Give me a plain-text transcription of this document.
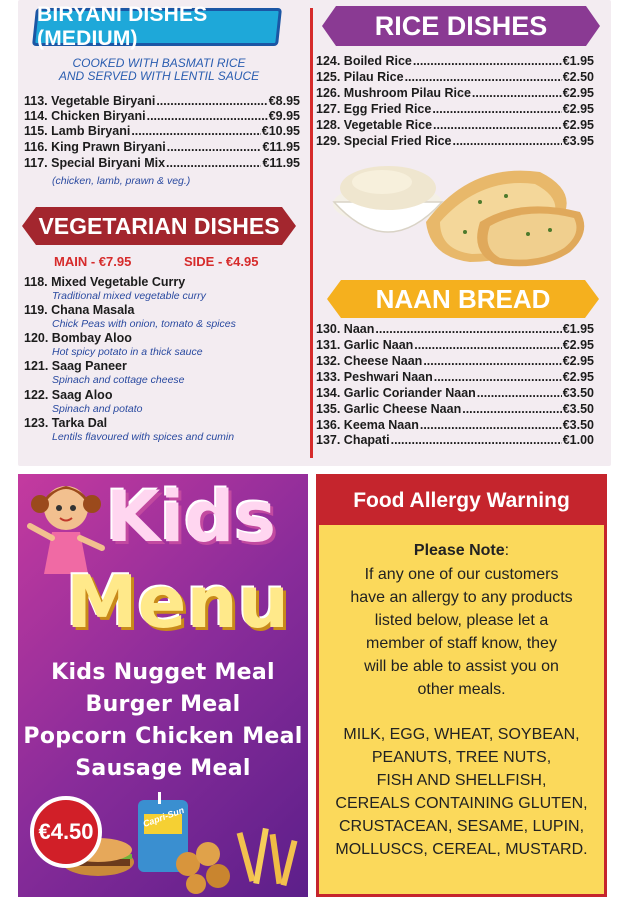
BIRYANI DISHES (MEDIUM)
COOKED WITH BASMATI RICE
AND SERVED WITH LENTIL SAUCE
113. Vegetable Biryani .....	€8.95
114. Chicken Biryani .....	€9.95
115. Lamb Biryani .....	€10.95
116. King Prawn Biryani .....	€11.95
117. Special Biryani Mix .....	€11.95
(chicken, lamb, prawn & veg.)
VEGETARIAN DISHES
MAIN - €7.95	SIDE - €4.95
118. Mixed Vegetable Curry
Traditional mixed vegetable curry
119. Chana Masala
Chick Peas with onion, tomato & spices
120. Bombay Aloo
Hot spicy potato in a thick sauce
121. Saag Paneer
Spinach and cottage cheese
122. Saag Aloo
Spinach and potato
123. Tarka Dal
Lentils flavoured with spices and cumin
RICE DISHES
124. Boiled Rice .....	€1.95
125. Pilau Rice .....	€2.50
126. Mushroom Pilau Rice .....	€2.95
127. Egg Fried Rice .....	€2.95
128. Vegetable Rice .....	€2.95
129. Special Fried Rice .....	€3.95
NAAN BREAD
130. Naan .....	€1.95
131. Garlic Naan .....	€2.95
132. Cheese Naan .....	€2.95
133. Peshwari Naan .....	€2.95
134. Garlic Coriander Naan .....	€3.50
135. Garlic Cheese Naan .....	€3.50
136. Keema Naan .....	€3.50
137. Chapati .....	€1.00
Kids
Menu
Kids Nugget Meal
Burger Meal
Popcorn Chicken Meal
Sausage Meal
Capri-Sun
€4.50
Food Allergy Warning
Please Note:
If any one of our customers
have an allergy to any products
listed below, please let a
member of staff know, they
will be able to assist you on
other meals.
MILK, EGG, WHEAT, SOYBEAN,
PEANUTS, TREE NUTS,
FISH AND SHELLFISH,
CEREALS CONTAINING GLUTEN,
CRUSTACEAN, SESAME, LUPIN,
MOLLUSCS, CEREAL, MUSTARD.
